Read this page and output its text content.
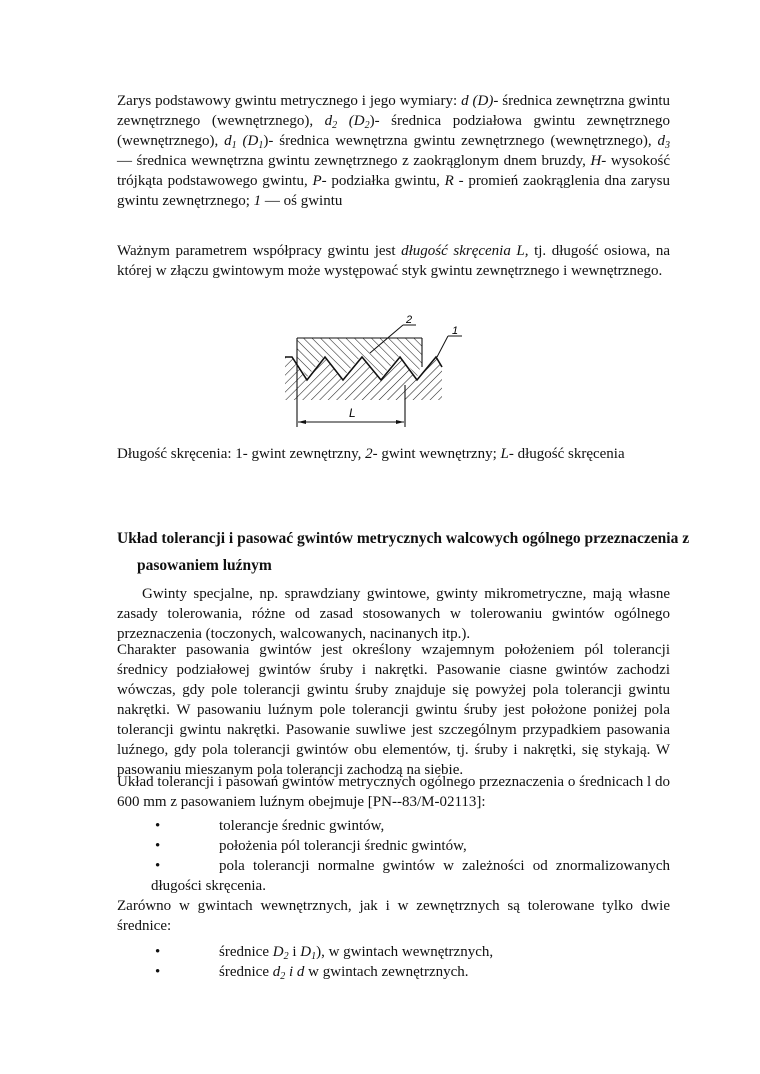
Zarys podstawowy gwintu metrycznego i jego wymiary: d (D)- średnica zewnętrzna gwintu zewnętrznego (wewnętrznego), $d_2$ $(D_2)-$ średnica podziałowa gwintu zewnętrznego (wewnętrznego), $d_1$ $(D_1)-$ średnica wewnętrzna gwintu zewnętrznego (wewnętrznego), $d_3$ — średnica wewnętrzna gwintu zewnętrznego z zaokrąglonym dnem bruzdy, H- wysokość trójkąta podstawowego gwintu, P- podziałka gwintu, R - promień zaokrąglenia dna zarysu gwintu zewnętrznego; 1 — oś gwintu
Ważnym parametrem współpracy gwintu jest długość skręcenia L, tj. długość osiowa, na której w złączu gwintowym może występować styk gwintu zewnętrznego i wewnętrznego.
2
1
L
Długość skręcenia: 1- gwint zewnętrzny, 2- gwint wewnętrzny; L- długość skręcenia
Układ tolerancji i pasować gwintów metrycznych walcowych ogólnego przeznaczenia z
pasowaniem luźnym
Gwinty specjalne, np. sprawdziany gwintowe, gwinty mikrometryczne, mają własne zasady tolerowania, różne od zasad stosowanych w tolerowaniu gwintów ogólnego przeznaczenia (toczonych, walcowanych, nacinanych itp.).
Charakter pasowania gwintów jest określony wzajemnym położeniem pól tolerancji średnicy podziałowej gwintów śruby i nakrętki. Pasowanie ciasne gwintów zachodzi wówczas, gdy pole tolerancji gwintu śruby znajduje się powyżej pola tolerancji gwintu nakrętki. W pasowaniu luźnym pole tolerancji gwintu śruby jest położone poniżej pola tolerancji gwintu nakrętki. Pasowanie suwliwe jest szczególnym przypadkiem pasowania luźnego, gdy pola tolerancji gwintów obu elementów, tj. śruby i nakrętki, się stykają. W pasowaniu mieszanym pola tolerancji zachodzą na siebie.
Układ tolerancji i pasowań gwintów metrycznych ogólnego przeznaczenia o średnicach l do 600 mm z pasowaniem luźnym obejmuje [PN--83/M-02113]:
•	tolerancje średnic gwintów,
•	położenia pól tolerancji średnic gwintów,
•	pola tolerancji normalne gwintów w zależności od znormalizowanych
długości skręcenia.
Zarówno w gwintach wewnętrznych, jak i w zewnętrznych są tolerowane tylko dwie średnice:
•	średnice $D_2$ i $D_1$), w gwintach wewnętrznych,
•	średnice $d_2$ i d w gwintach zewnętrznych.
